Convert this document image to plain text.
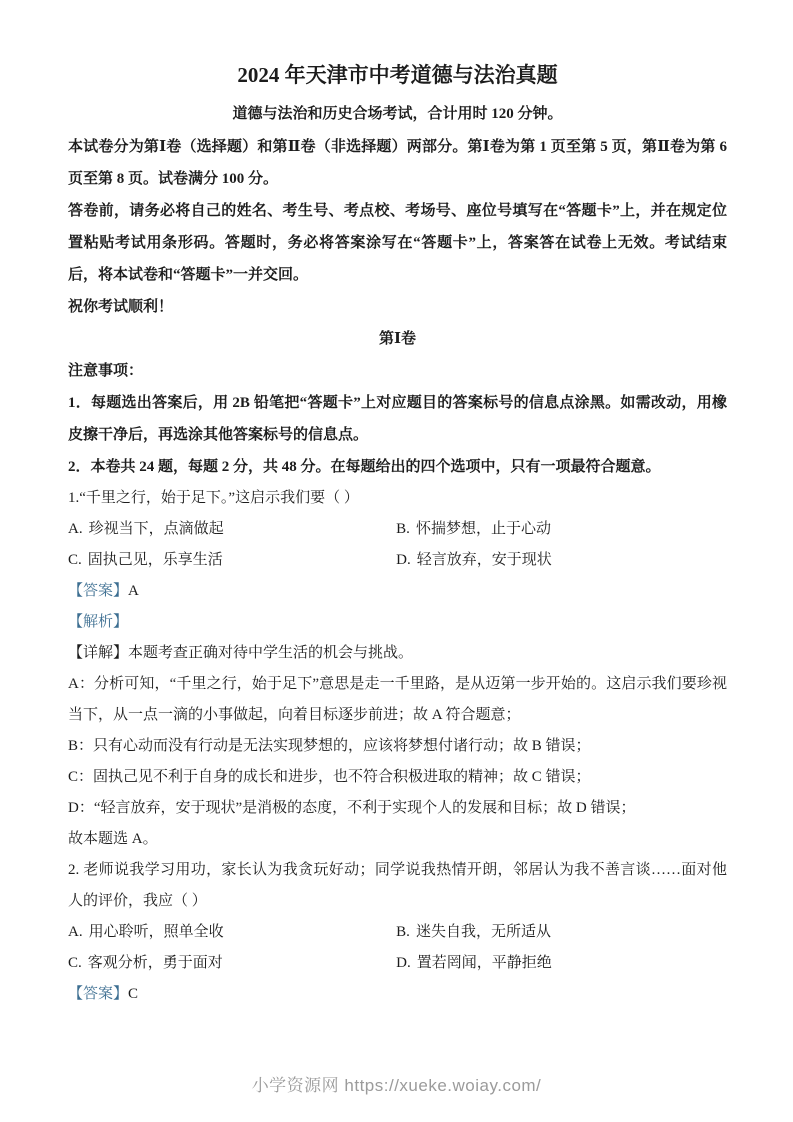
2024 年天津市中考道德与法治真题
道德与法治和历史合场考试，合计用时 120 分钟。
本试卷分为第Ⅰ卷（选择题）和第Ⅱ卷（非选择题）两部分。第Ⅰ卷为第 1 页至第 5 页，第Ⅱ卷为第 6 页至第 8 页。试卷满分 100 分。
答卷前，请务必将自己的姓名、考生号、考点校、考场号、座位号填写在“答题卡”上，并在规定位置粘贴考试用条形码。答题时，务必将答案涂写在“答题卡”上，答案答在试卷上无效。考试结束后，将本试卷和“答题卡”一并交回。
祝你考试顺利！
第Ⅰ卷
注意事项：
1．每题选出答案后，用 2B 铅笔把“答题卡”上对应题目的答案标号的信息点涂黑。如需改动，用橡皮擦干净后，再选涂其他答案标号的信息点。
2．本卷共 24 题，每题 2 分，共 48 分。在每题给出的四个选项中，只有一项最符合题意。
1.“千里之行，始于足下。”这启示我们要（ ）
A. 珍视当下，点滴做起	B. 怀揣梦想，止于心动
C. 固执己见，乐享生活	D. 轻言放弃，安于现状
【答案】A
【解析】
【详解】本题考查正确对待中学生活的机会与挑战。
A：分析可知，“千里之行，始于足下”意思是走一千里路，是从迈第一步开始的。这启示我们要珍视当下，从一点一滴的小事做起，向着目标逐步前进；故 A 符合题意；
B：只有心动而没有行动是无法实现梦想的，应该将梦想付诸行动；故 B 错误；
C：固执己见不利于自身的成长和进步，也不符合积极进取的精神；故 C 错误；
D：“轻言放弃，安于现状”是消极的态度，不利于实现个人的发展和目标；故 D 错误；
故本题选 A。
2. 老师说我学习用功，家长认为我贪玩好动；同学说我热情开朗，邻居认为我不善言谈……面对他人的评价，我应（ ）
A. 用心聆听，照单全收	B. 迷失自我，无所适从
C. 客观分析，勇于面对	D. 置若罔闻，平静拒绝
【答案】C
小学资源网 https://xueke.woiay.com/
